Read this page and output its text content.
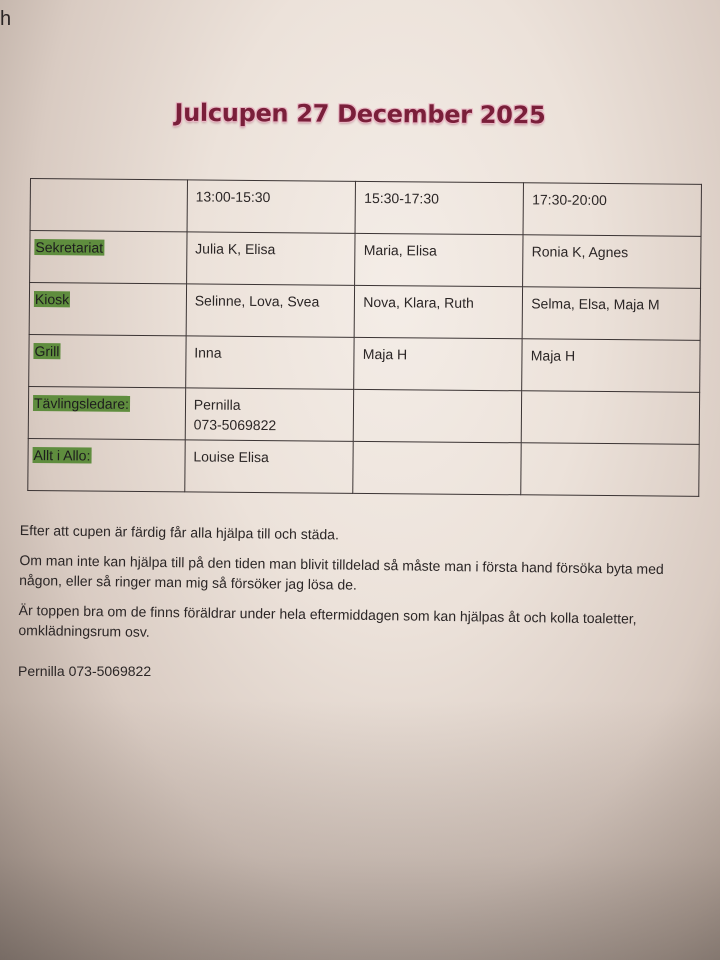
h
Julcupen 27 December 2025
	13:00-15:30	15:30-17:30	17:30-20:00
Sekretariat	Julia K, Elisa	Maria, Elisa	Ronia K, Agnes
Kiosk	Selinne, Lova, Svea	Nova, Klara, Ruth	Selma, Elsa, Maja M
Grill	Inna	Maja H	Maja H
Tävlingsledare:	Pernilla
073-5069822		
Allt i Allo:	Louise Elisa		

Efter att cupen är färdig får alla hjälpa till och städa.

Om man inte kan hjälpa till på den tiden man blivit tilldelad så måste man i första hand försöka byta med någon, eller så ringer man mig så försöker jag lösa de.

Är toppen bra om de finns föräldrar under hela eftermiddagen som kan hjälpas åt och kolla toaletter, omklädningsrum osv.

Pernilla 073-5069822
